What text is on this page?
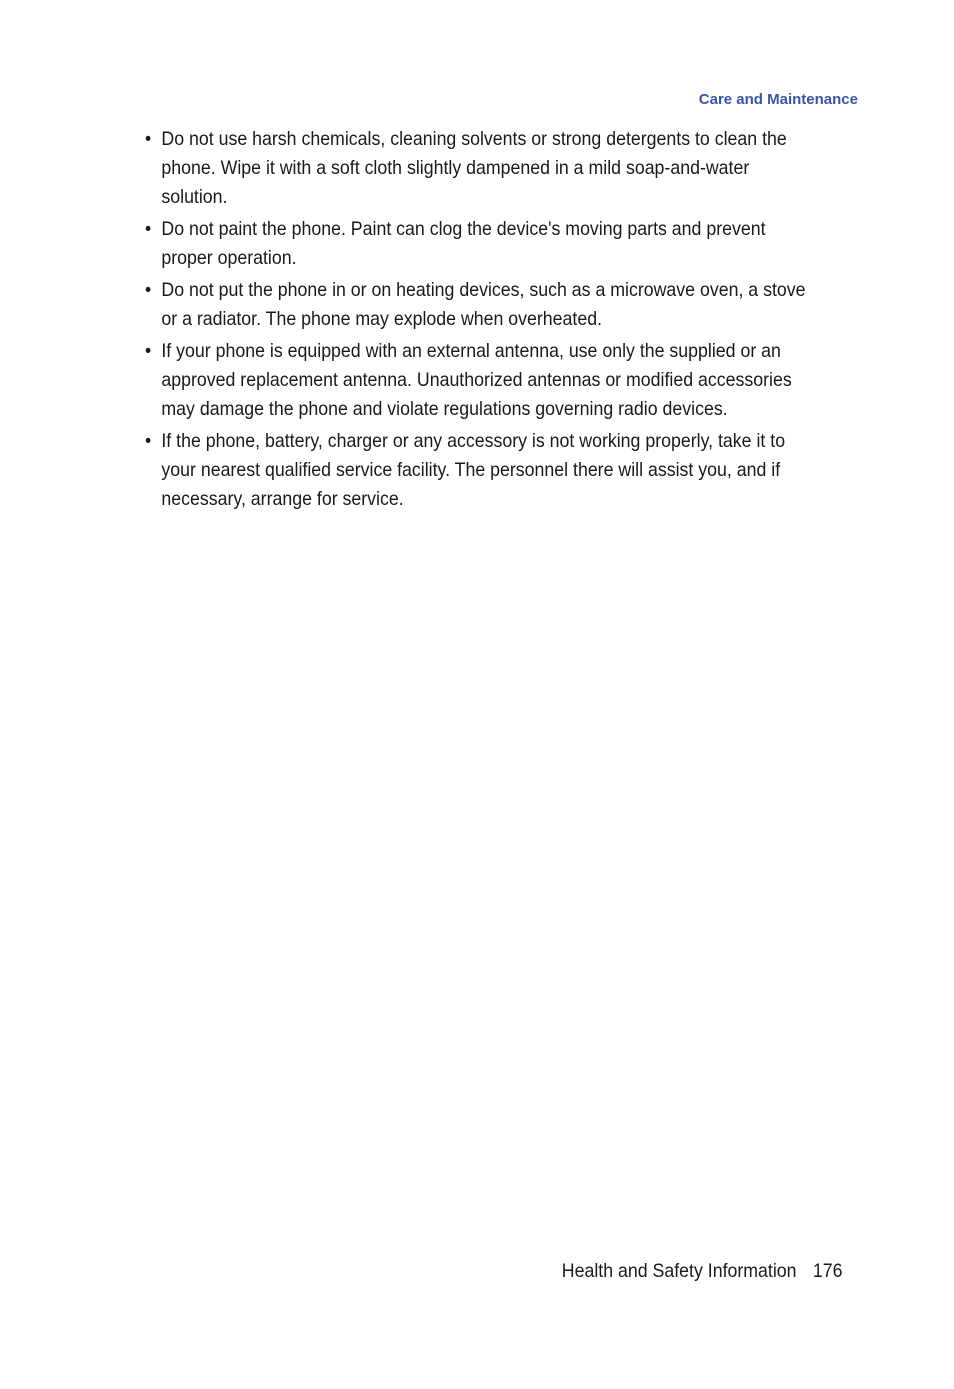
Care and Maintenance
• Do not use harsh chemicals, cleaning solvents or strong detergents to clean the phone. Wipe it with a soft cloth slightly dampened in a mild soap-and-water solution.
• Do not paint the phone. Paint can clog the device's moving parts and prevent proper operation.
• Do not put the phone in or on heating devices, such as a microwave oven, a stove or a radiator. The phone may explode when overheated.
• If your phone is equipped with an external antenna, use only the supplied or an approved replacement antenna. Unauthorized antennas or modified accessories may damage the phone and violate regulations governing radio devices.
• If the phone, battery, charger or any accessory is not working properly, take it to your nearest qualified service facility. The personnel there will assist you, and if necessary, arrange for service.
Health and Safety Information 176
